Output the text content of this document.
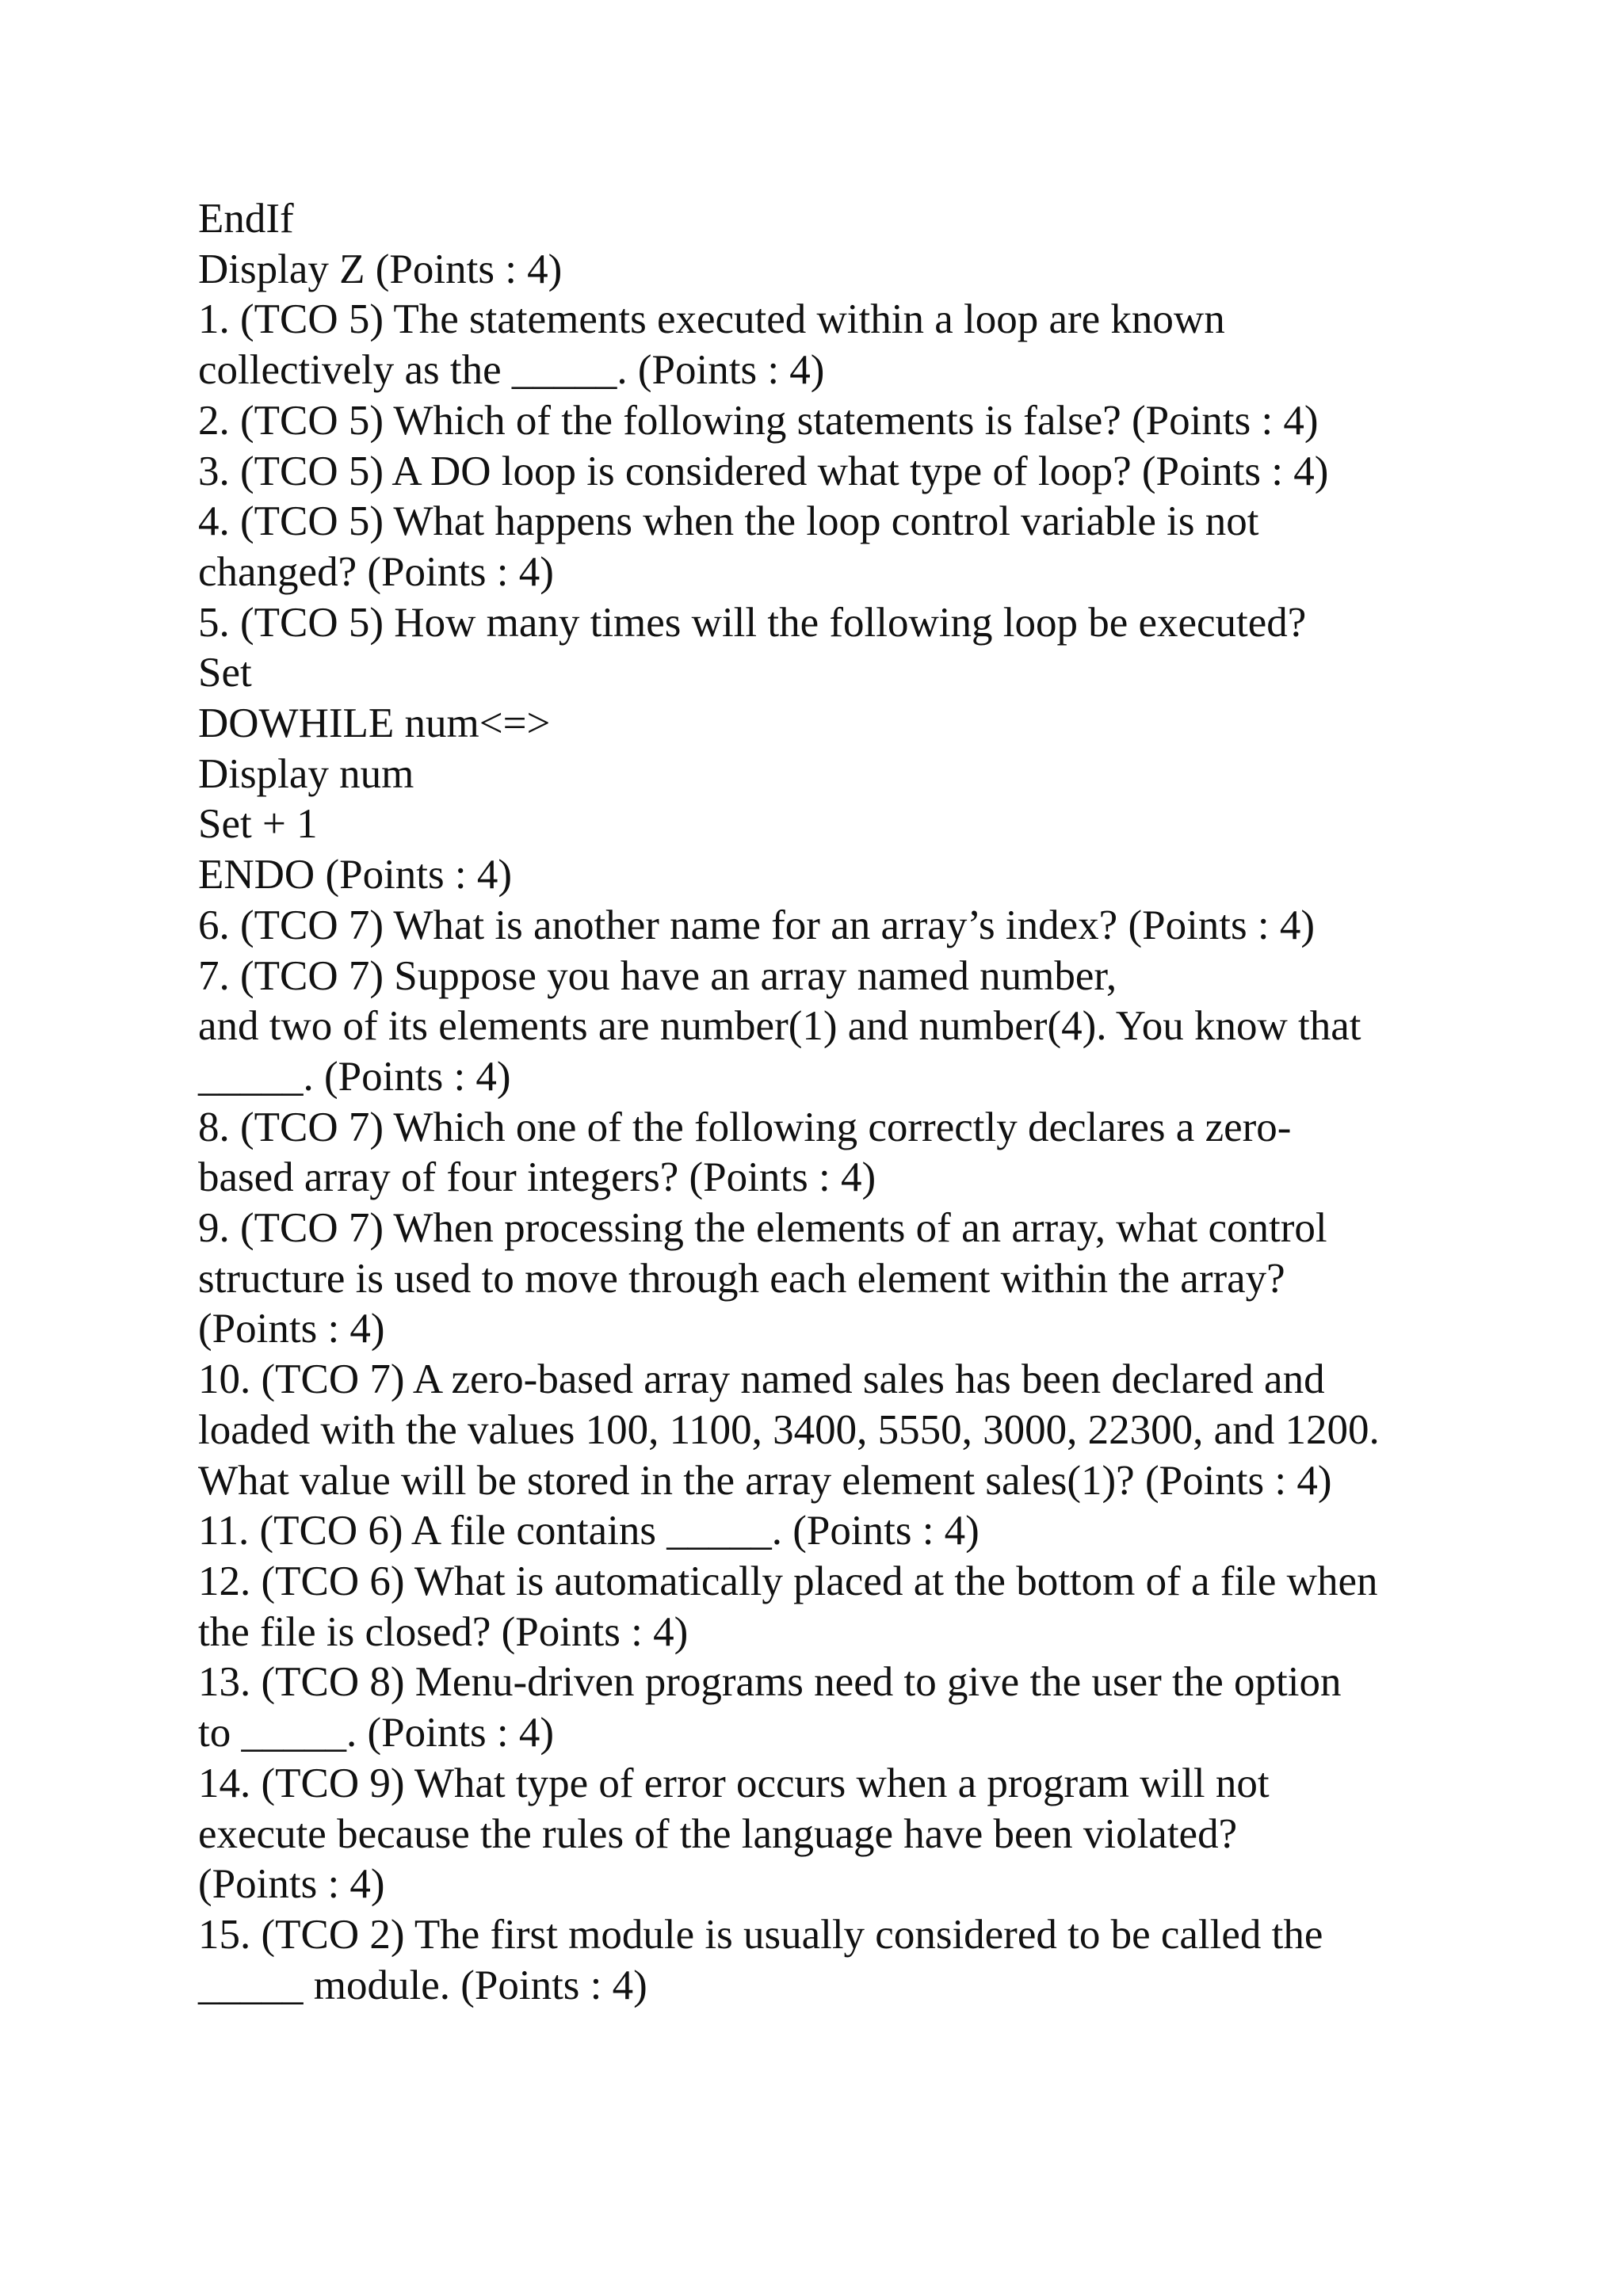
EndIf
Display Z (Points : 4)
1. (TCO 5) The statements executed within a loop are known
collectively as the _____. (Points : 4)
2. (TCO 5) Which of the following statements is false? (Points : 4)
3. (TCO 5) A DO loop is considered what type of loop? (Points : 4)
4. (TCO 5) What happens when the loop control variable is not
changed? (Points : 4)
5. (TCO 5) How many times will the following loop be executed?
Set
DOWHILE num<=>
Display num
Set + 1
ENDO (Points : 4)
6. (TCO 7) What is another name for an array’s index? (Points : 4)
7. (TCO 7) Suppose you have an array named number,
and two of its elements are number(1) and number(4). You know that
_____. (Points : 4)
8. (TCO 7) Which one of the following correctly declares a zero-
based array of four integers? (Points : 4)
9. (TCO 7) When processing the elements of an array, what control
structure is used to move through each element within the array?
(Points : 4)
10. (TCO 7) A zero-based array named sales has been declared and
loaded with the values 100, 1100, 3400, 5550, 3000, 22300, and 1200.
What value will be stored in the array element sales(1)? (Points : 4)
11. (TCO 6) A file contains _____. (Points : 4)
12. (TCO 6) What is automatically placed at the bottom of a file when
the file is closed? (Points : 4)
13. (TCO 8) Menu-driven programs need to give the user the option
to _____. (Points : 4)
14. (TCO 9) What type of error occurs when a program will not
execute because the rules of the language have been violated?
(Points : 4)
15. (TCO 2) The first module is usually considered to be called the
_____ module. (Points : 4)
